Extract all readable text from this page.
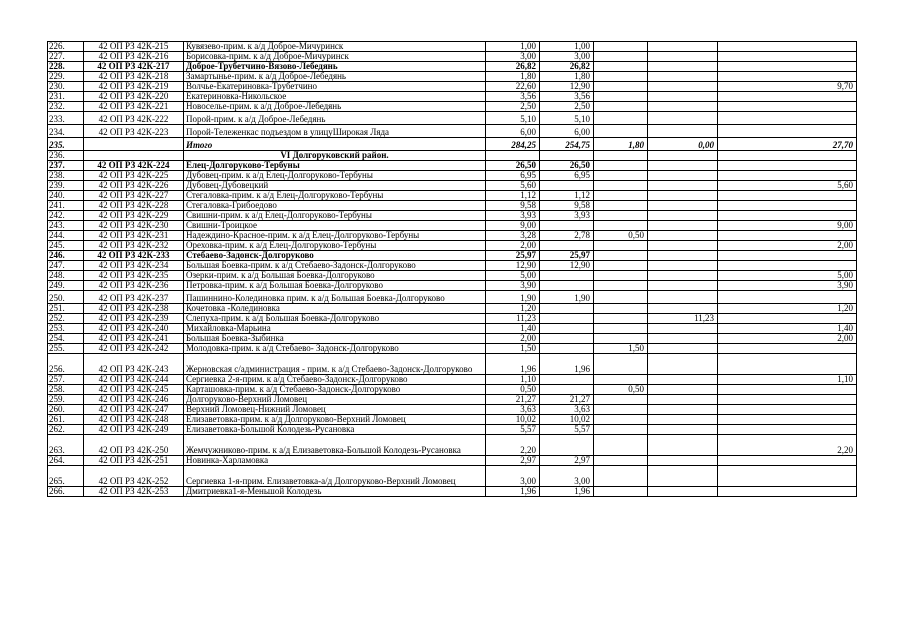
226.	42 ОП РЗ 42К-215	Кувязево-прим. к а/д Доброе-Мичуринск	1,00	1,00			
227.	42 ОП РЗ 42К-216	Борисовка-прим. к а/д Доброе-Мичуринск	3,00	3,00			
228.	42 ОП РЗ 42К-217	Доброе-Трубетчино-Вязово-Лебедянь	26,82	26,82			
229.	42 ОП РЗ 42К-218	Замартынье-прим. к а/д Доброе-Лебедянь	1,80	1,80			
230.	42 ОП РЗ 42К-219	Волчье-Екатериновка-Трубетчино	22,60	12,90			9,70
231.	42 ОП РЗ 42К-220	Екатериновка-Никольское	3,56	3,56			
232.	42 ОП РЗ 42К-221	Новоселье-прим. к а/д Доброе-Лебедянь	2,50	2,50			
233.	42 ОП РЗ 42К-222	Порой-прим. к а/д Доброе-Лебедянь	5,10	5,10			
234.	42 ОП РЗ 42К-223	Порой-Тележенкас подъездом в улицуШирокая Ляда	6,00	6,00			
235.		Итого	284,25	254,75	1,80	0,00	27,70
236.		VI Долгоруковский район.					
237.	42 ОП РЗ 42К-224	Елец-Долгоруково-Тербуны	26,50	26,50			
238.	42 ОП РЗ 42К-225	Дубовец-прим. к а/д Елец-Долгоруково-Тербуны	6,95	6,95			
239.	42 ОП РЗ 42К-226	Дубовец-Дубовецкий	5,60				5,60
240.	42 ОП РЗ 42К-227	Стегаловка-прим. к а/д Елец-Долгоруково-Тербуны	1,12	1,12			
241.	42 ОП РЗ 42К-228	Стегаловка-Грибоедово	9,58	9,58			
242.	42 ОП РЗ 42К-229	Свишни-прим. к а/д Елец-Долгоруково-Тербуны	3,93	3,93			
243.	42 ОП РЗ 42К-230	Свишни-Троицкое	9,00				9,00
244.	42 ОП РЗ 42К-231	Надеждино-Красное-прим. к а/д Елец-Долгоруково-Тербуны	3,28	2,78	0,50		
245.	42 ОП РЗ 42К-232	Ореховка-прим. к а/д Елец-Долгоруково-Тербуны	2,00				2,00
246.	42 ОП РЗ 42К-233	Стебаево-Задонск-Долгоруково	25,97	25,97			
247.	42 ОП РЗ 42К-234	Большая Боевка-прим. к а/д Стебаево-Задонск-Долгоруково	12,90	12,90			
248.	42 ОП РЗ 42К-235	Озерки-прим. к а/д Большая Боевка-Долгоруково	5,00				5,00
249.	42 ОП РЗ 42К-236	Петровка-прим. к а/д Большая Боевка-Долгоруково	3,90				3,90
250.	42 ОП РЗ 42К-237	Пашиннино-Колединовка прим. к а/д Большая Боевка-Долгоруково	1,90	1,90			
251.	42 ОП РЗ 42К-238	Кочетовка -Колединовка	1,20				1,20
252.	42 ОП РЗ 42К-239	Слепуха-прим. к а/д Большая Боевка-Долгоруково	11,23			11,23	
253.	42 ОП РЗ 42К-240	Михайловка-Марьина	1,40				1,40
254.	42 ОП РЗ 42К-241	Большая Боевка-Зыбинка	2,00				2,00
255.	42 ОП РЗ 42К-242	Молодовка-прим. к а/д Стебаево- Задонск-Долгоруково	1,50		1,50		
256.	42 ОП РЗ 42К-243	Жерновская с/администрация - прим. к а/д Стебаево-Задонск-Долгоруково	1,96	1,96			
257.	42 ОП РЗ 42К-244	Сергиевка 2-я-прим. к а/д Стебаево-Задонск-Долгоруково	1,10				1,10
258.	42 ОП РЗ 42К-245	Карташовка-прим. к а/д Стебаево-Задонск-Долгоруково	0,50		0,50		
259.	42 ОП РЗ 42К-246	Долгоруково-Верхний Ломовец	21,27	21,27			
260.	42 ОП РЗ 42К-247	Верхний Ломовец-Нижний Ломовец	3,63	3,63			
261.	42 ОП РЗ 42К-248	Елизаветовка-прим. к а/д Долгоруково-Верхний Ломовец	10,02	10,02			
262.	42 ОП РЗ 42К-249	Елизаветовка-Большой Колодезь-Русановка	5,57	5,57			
263.	42 ОП РЗ 42К-250	Жемчужниково-прим. к а/д Елизаветовка-Большой Колодезь-Русановка	2,20				2,20
264.	42 ОП РЗ 42К-251	Новинка-Харламовка	2,97	2,97			
265.	42 ОП РЗ 42К-252	Сергиевка 1-я-прим. Елизаветовка-а/д Долгоруково-Верхний Ломовец	3,00	3,00			
266.	42 ОП РЗ 42К-253	Дмитриевка1-я-Меньшой Колодезь	1,96	1,96			
